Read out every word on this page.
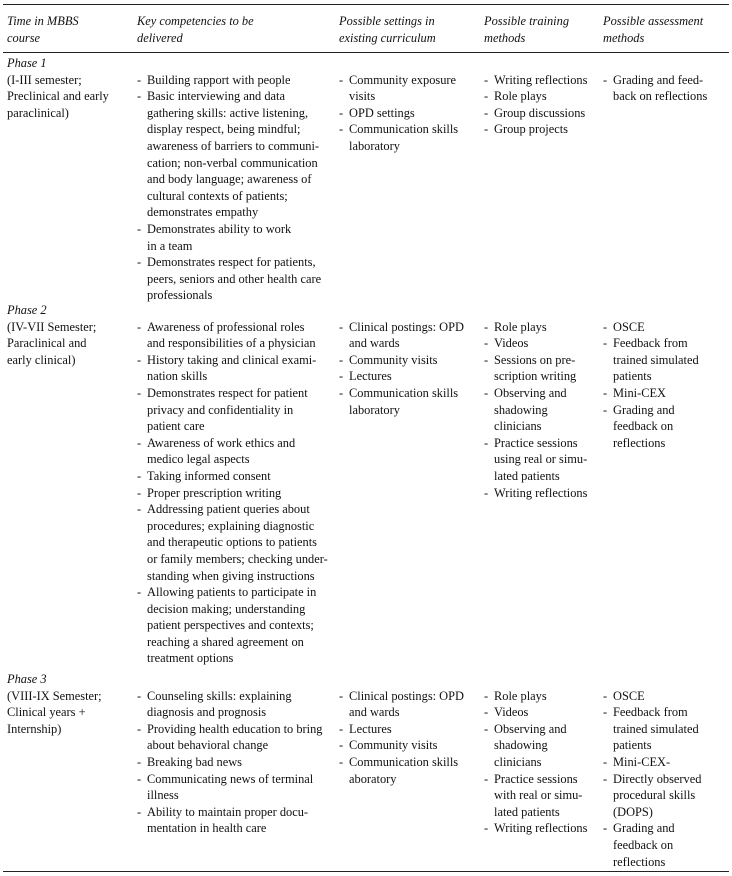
Time in MBBS
course
Key competencies to be
delivered
Possible settings in
existing curriculum
Possible training
methods
Possible assessment
methods
Phase 1
(I-III semester;
Preclinical and early
paraclinical)
- Building rapport with people
- Basic interviewing and data
gathering skills: active listening,
display respect, being mindful;
awareness of barriers to communi-
cation; non-verbal communication
and body language; awareness of
cultural contexts of patients;
demonstrates empathy
- Demonstrates ability to work
in a team
- Demonstrates respect for patients,
peers, seniors and other health care
professionals
- Community exposure
visits
- OPD settings
- Communication skills
laboratory
- Writing reflections
- Role plays
- Group discussions
- Group projects
- Grading and feed-
back on reflections
Phase 2
(IV-VII Semester;
Paraclinical and
early clinical)
- Awareness of professional roles
and responsibilities of a physician
- History taking and clinical exami-
nation skills
- Demonstrates respect for patient
privacy and confidentiality in
patient care
- Awareness of work ethics and
medico legal aspects
- Taking informed consent
- Proper prescription writing
- Addressing patient queries about
procedures; explaining diagnostic
and therapeutic options to patients
or family members; checking under-
standing when giving instructions
- Allowing patients to participate in
decision making; understanding
patient perspectives and contexts;
reaching a shared agreement on
treatment options
- Clinical postings: OPD
and wards
- Community visits
- Lectures
- Communication skills
laboratory
- Role plays
- Videos
- Sessions on pre-
scription writing
- Observing and
shadowing
clinicians
- Practice sessions
using real or simu-
lated patients
- Writing reflections
- OSCE
- Feedback from
trained simulated
patients
- Mini-CEX
- Grading and
feedback on
reflections
Phase 3
(VIII-IX Semester;
Clinical years +
Internship)
- Counseling skills: explaining
diagnosis and prognosis
- Providing health education to bring
about behavioral change
- Breaking bad news
- Communicating news of terminal
illness
- Ability to maintain proper docu-
mentation in health care
- Clinical postings: OPD
and wards
- Lectures
- Community visits
- Communication skills
aboratory
- Role plays
- Videos
- Observing and
shadowing
clinicians
- Practice sessions
with real or simu-
lated patients
- Writing reflections
- OSCE
- Feedback from
trained simulated
patients
- Mini-CEX-
- Directly observed
procedural skills
(DOPS)
- Grading and
feedback on
reflections
